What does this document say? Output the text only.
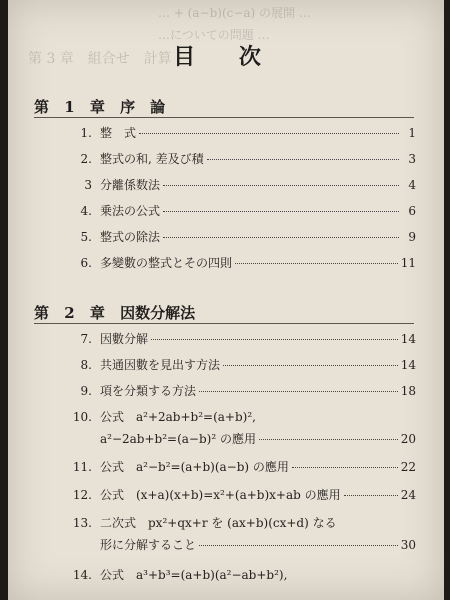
… + (a−b)(c−a) の展開 …
…についての問題 …
第 3 章　組合せ　計算 目 次
第 1 章 序　論
1. 整　式	1
2. 整式の和, 差及び積	3
3 分離係数法	4
4. 乗法の公式	6
5. 整式の除法	9
6. 多變數の整式とその四則	11
第 2 章 因数分解法
7. 因數分解	14
8. 共通因數を見出す方法	14
9. 項を分類する方法	18
10. 公式　a²+2ab+b²=(a+b)²,
a²−2ab+b²=(a−b)² の應用	20
11. 公式　a²−b²=(a+b)(a−b) の應用	22
12. 公式　(x+a)(x+b)=x²+(a+b)x+ab の應用	24
13. 二次式　px²+qx+r を (ax+b)(cx+d) なる
形に分解すること	30
14. 公式　a³+b³=(a+b)(a²−ab+b²),
